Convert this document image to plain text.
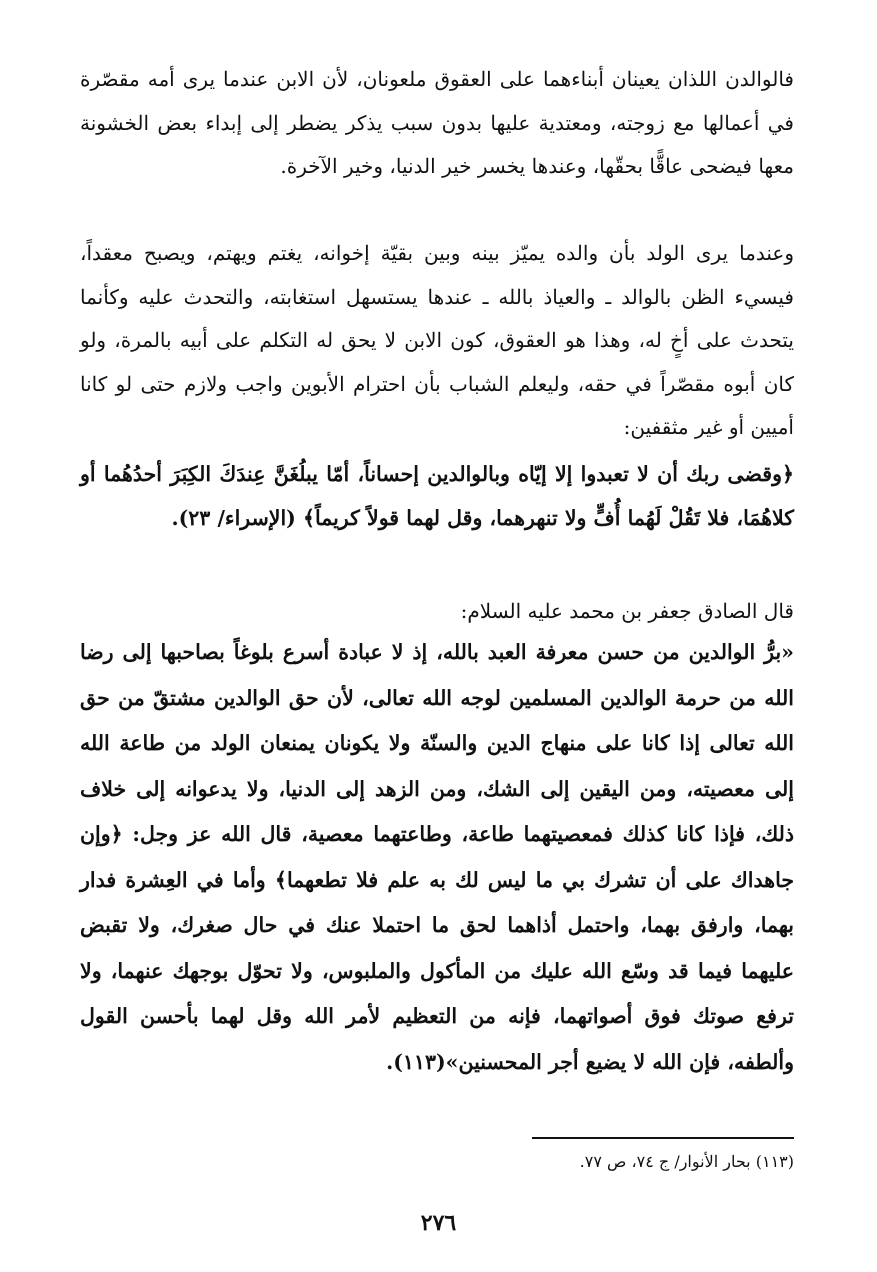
فالوالدن اللذان يعينان أبناءهما على العقوق ملعونان، لأن الابن عندما يرى أمه مقصّرة في أعمالها مع زوجته، ومعتدية عليها بدون سبب يذكر يضطر إلى إبداء بعض الخشونة معها فيضحى عاقًّا بحقّها، وعندها يخسر خير الدنيا، وخير الآخرة.

وعندما يرى الولد بأن والده يميّز بينه وبين بقيّة إخوانه، يغتم ويهتم، ويصبح معقداً، فيسيء الظن بالوالد ـ والعياذ بالله ـ عندها يستسهل استغابته، والتحدث عليه وكأنما يتحدث على أخٍ له، وهذا هو العقوق، كون الابن لا يحق له التكلم على أبيه بالمرة، ولو كان أبوه مقصّراً في حقه، وليعلم الشباب بأن احترام الأبوين واجب ولازم حتى لو كانا أميين أو غير مثقفين:

﴿وقضى ربك أن لا تعبدوا إلا إيّاه وبالوالدين إحساناً، أمّا يبلُغَنَّ عِندَكَ الكِبَرَ أحدُهُما أو كلاهُمَا، فلا تَقُلْ لَهُما أُفٍّ ولا تنهرهما، وقل لهما قولاً كريماً﴾ (الإسراء/ ٢٣).

قال الصادق جعفر بن محمد عليه السلام:

«برُّ الوالدين من حسن معرفة العبد بالله، إذ لا عبادة أسرع بلوغاً بصاحبها إلى رضا الله من حرمة الوالدين المسلمين لوجه الله تعالى، لأن حق الوالدين مشتقّ من حق الله تعالى إذا كانا على منهاج الدين والسنّة ولا يكونان يمنعان الولد من طاعة الله إلى معصيته، ومن اليقين إلى الشك، ومن الزهد إلى الدنيا، ولا يدعوانه إلى خلاف ذلك، فإذا كانا كذلك فمعصيتهما طاعة، وطاعتهما معصية، قال الله عز وجل: ﴿وإن جاهداك على أن تشرك بي ما ليس لك به علم فلا تطعهما﴾ وأما في العِشرة فدار بهما، وارفق بهما، واحتمل أذاهما لحق ما احتملا عنك في حال صغرك، ولا تقبض عليهما فيما قد وسّع الله عليك من المأكول والملبوس، ولا تحوّل بوجهك عنهما، ولا ترفع صوتك فوق أصواتهما، فإنه من التعظيم لأمر الله وقل لهما بأحسن القول وألطفه، فإن الله لا يضيع أجر المحسنين»(١١٣).

(١١٣) بحار الأنوار/ ج ٧٤، ص ٧٧.
٢٧٦
